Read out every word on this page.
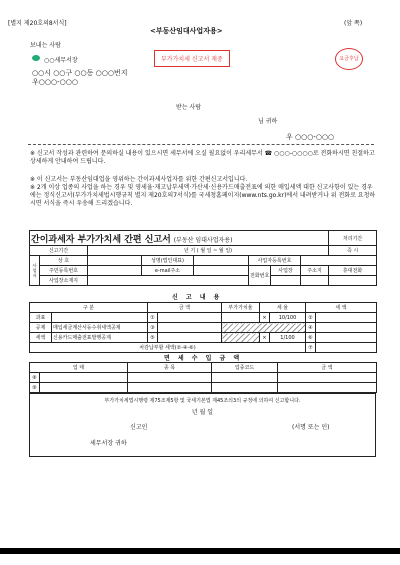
[별지 제20호의8서식]	(앞 쪽)
<부동산임대사업자용>
부가가치세 신고서 재중	요금후납
보내는 사람
○○세무서장
○○시 ○○구 ○○동 ○○○번지
우○○○-○○○
받는 사람
님 귀하
우 ○○○-○○○
※ 신고서 작성과 관련하여 문의하실 내용이 있으시면 세무서에 오실 필요없이 우리세무서 ☎ ○○○-○○○○로 전화하시면 친절하고 상세하게 안내하여 드립니다.
※ 이 신고서는 부동산임대업을 영위하는 간이과세사업자를 위한 간편신고서입니다.
※ 2개 이상 업종의 사업을 하는 경우 및 영세율·재고납부세액·가산세·신용카드매출전표에 의한 매입세액 대한 신고사항이 있는 경우에는 정식신고서(부가가치세법시행규칙 별지 제20호의7서식)를 국세청홈페이지(www.nts.go.kr)에서 내려받거나 위 전화로 요청하시면 서식을 즉시 우송해 드리겠습니다.
간이과세자 부가가치세 간편 신고서 (부동산 임대사업자용)								처리기간
신고기간		년 기 ( 월 일 ~ 월 일)						즉 시
사업자	상 호		성명(법인대표)		사업자등록번호			
	주민등록번호		e-mail주소		전화번호	사업장	주소지	휴대전화
	사업장소재지							
신 고 내 용
구 분		금 액		부가가치율	세 율		세 액	
과표		①			×	10/100	②	
공제	매입세금계산서등수취세액공제	③					④	
세액	신용카드매출전표발행공제	⑤			×	1/100	⑥	
차감납부할 세액(②-④-⑥)							⑦	
면 세 수 입 금 액
업 태		종 목	업종코드	금 액
⑧				
⑨				
부가가치세법시행령 제75조제5항 및 국세기본법 제45조의3의 규정에 의하여 신고합니다.
년 월 일
신고인	(서명 또는 인)
세무서장 귀하
